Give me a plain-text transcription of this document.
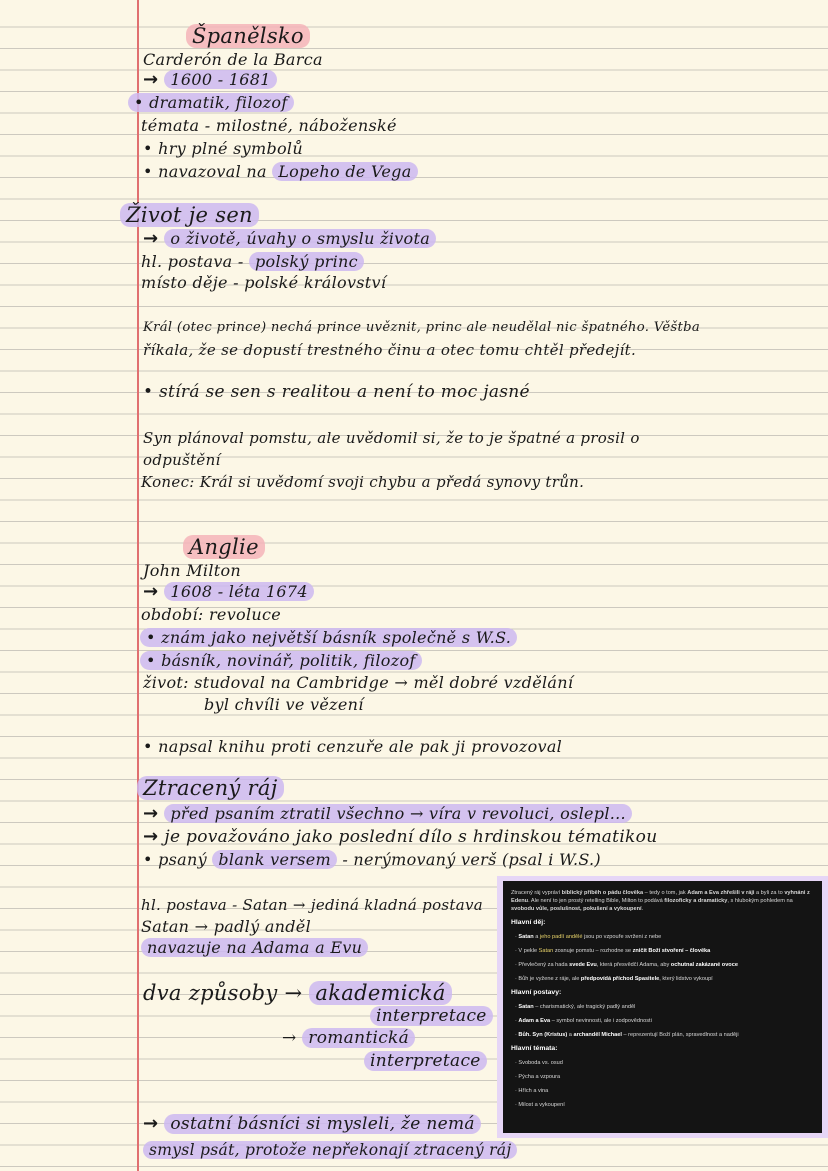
Španělsko
Carderón de la Barca
→ 1600 - 1681
• dramatik, filozof
témata - milostné, náboženské
• hry plné symbolů
• navazoval na Lopeho de Vega
Život je sen
→ o životě, úvahy o smyslu života
hl. postava - polský princ
místo děje - polské království
Král (otec prince) nechá prince uvěznit, princ ale neudělal nic špatného. Věštba
říkala, že se dopustí trestného činu a otec tomu chtěl předejít.
• stírá se sen s realitou a není to moc jasné
Syn plánoval pomstu, ale uvědomil si, že to je špatné a prosil o
odpuštění
Konec: Král si uvědomí svoji chybu a předá synovy trůn.
Anglie
John Milton
→ 1608 - léta 1674
období: revoluce
• znám jako největší básník společně s W.S.
• básník, novinář, politik, filozof
život: studoval na Cambridge → měl dobré vzdělání
byl chvíli ve vězení
• napsal knihu proti cenzuře ale pak ji provozoval
Ztracený ráj
→ před psaním ztratil všechno → víra v revoluci, oslepl...
→ je považováno jako poslední dílo s hrdinskou tématikou
• psaný blank versem - nerýmovaný verš (psal i W.S.)
hl. postava - Satan → jediná kladná postava
Satan → padlý anděl
navazuje na Adama a Evu
dva způsoby → akademická
interpretace
→ romantická
interpretace
→ ostatní básníci si mysleli, že nemá
smysl psát, protože nepřekonají ztracený ráj
Ztracený ráj vypráví biblický příběh o pádu člověka – tedy o tom, jak Adam a Eva zhřešili v ráji a byli za to vyhnáni z Edenu. Ale není to jen prostý retelling Bible, Milton to podává filozoficky a dramaticky, s hlubokým pohledem na svobodu vůle, poslušnost, pokušení a vykoupení.
Hlavní děj:
· Satan a jeho padlí andělé jsou po vzpouře svrženi z nebe
· V pekle Satan zosnuje pomstu – rozhodne se zničit Boží stvoření – člověka
· Převlečený za hada svede Evu, která přesvědčí Adama, aby ochutnal zakázané ovoce
· Bůh je vyžene z ráje, ale předpovídá příchod Spasitele, který lidstvo vykoupí
Hlavní postavy:
· Satan – charismatický, ale tragický padlý anděl
· Adam a Eva – symbol nevinnosti, ale i zodpovědnosti
· Bůh. Syn (Kristus) a archanděl Michael – reprezentují Boží plán, spravedlnost a naději
Hlavní témata:
· Svoboda vs. osud
· Pýcha a vzpoura
· Hřích a vina
· Milost a vykoupení
